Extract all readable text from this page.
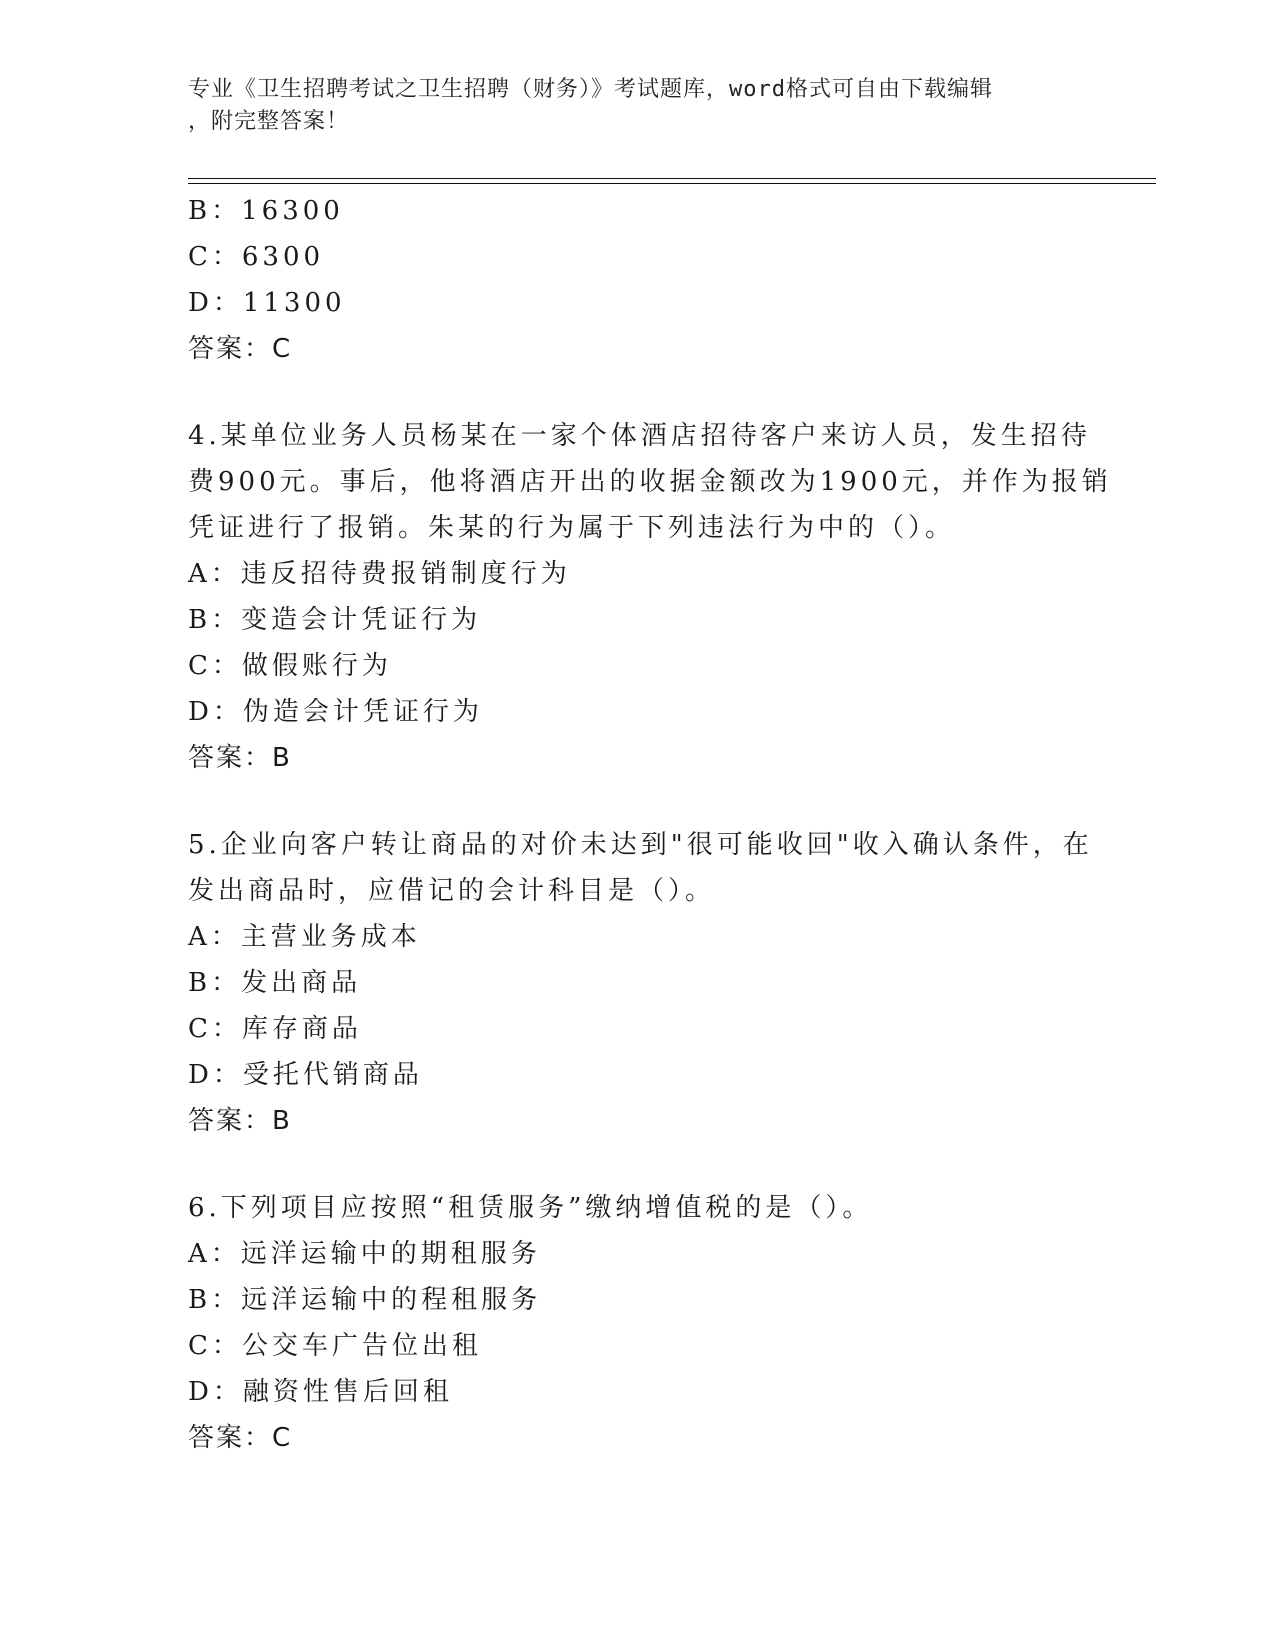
专业《卫生招聘考试之卫生招聘（财务）》考试题库，word格式可自由下载编辑
，附完整答案！
B：16300
C：6300
D：11300
答案：C
4.某单位业务人员杨某在一家个体酒店招待客户来访人员，发生招待
费900元。事后，他将酒店开出的收据金额改为1900元，并作为报销
凭证进行了报销。朱某的行为属于下列违法行为中的（）。
A：违反招待费报销制度行为
B：变造会计凭证行为
C：做假账行为
D：伪造会计凭证行为
答案：B
5.企业向客户转让商品的对价未达到"很可能收回"收入确认条件，在
发出商品时，应借记的会计科目是（）。
A：主营业务成本
B：发出商品
C：库存商品
D：受托代销商品
答案：B
6.下列项目应按照“租赁服务”缴纳增值税的是（）。
A：远洋运输中的期租服务
B：远洋运输中的程租服务
C：公交车广告位出租
D：融资性售后回租
答案：C
